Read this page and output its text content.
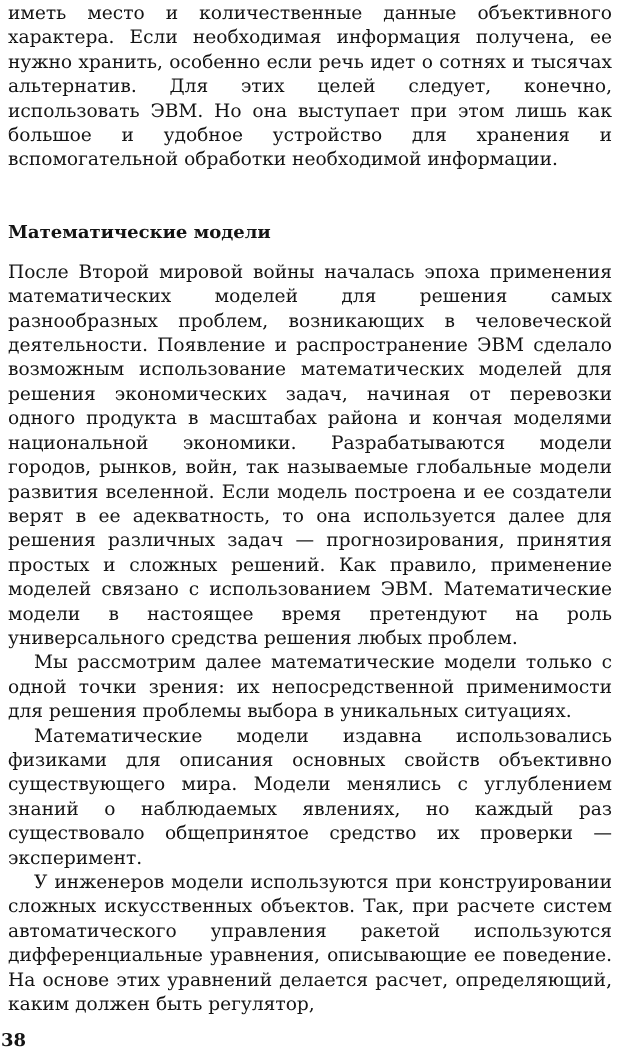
иметь место и количественные данные объективного характера. Если необходимая информация получена, ее нужно хранить, особенно если речь идет о сотнях и тысячах альтернатив. Для этих целей следует, конечно, использовать ЭВМ. Но она выступает при этом лишь как большое и удобное устройство для хранения и вспомогательной обработки необходимой информации.

Математические модели

После Второй мировой войны началась эпоха применения математических моделей для решения самых разнообразных проблем, возникающих в человеческой деятельности. Появление и распространение ЭВМ сделало возможным использование математических моделей для решения экономических задач, начиная от перевозки одного продукта в масштабах района и кончая моделями национальной экономики. Разрабатываются модели городов, рынков, войн, так называемые глобальные модели развития вселенной. Если модель построена и ее создатели верят в ее адекватность, то она используется далее для решения различных задач — прогнозирования, принятия простых и сложных решений. Как правило, применение моделей связано с использованием ЭВМ. Математические модели в настоящее время претендуют на роль универсального средства решения любых проблем.

Мы рассмотрим далее математические модели только с одной точки зрения: их непосредственной применимости для решения проблемы выбора в уникальных ситуациях.

Математические модели издавна использовались физиками для описания основных свойств объективно существующего мира. Модели менялись с углублением знаний о наблюдаемых явлениях, но каждый раз существовало общепринятое средство их проверки — эксперимент.

У инженеров модели используются при конструировании сложных искусственных объектов. Так, при расчете систем автоматического управления ракетой используются дифференциальные уравнения, описывающие ее поведение. На основе этих уравнений делается расчет, определяющий, каким должен быть регулятор,

38
